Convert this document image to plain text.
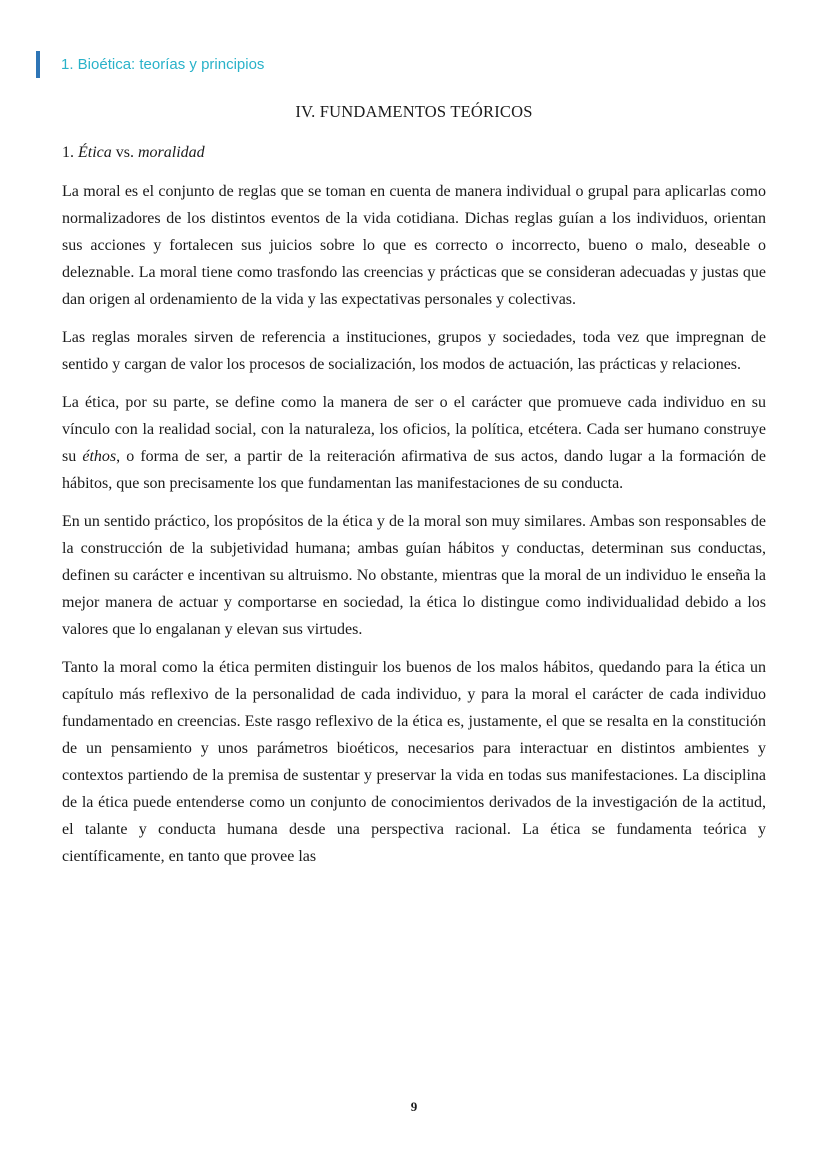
1. Bioética: teorías y principios
IV. FUNDAMENTOS TEÓRICOS
1. Ética vs. moralidad

La moral es el conjunto de reglas que se toman en cuenta de manera individual o grupal para aplicarlas como normalizadores de los distintos eventos de la vida cotidiana. Dichas reglas guían a los individuos, orientan sus acciones y fortalecen sus juicios sobre lo que es correcto o incorrecto, bueno o malo, deseable o deleznable. La moral tiene como trasfondo las creencias y prácticas que se consideran adecuadas y justas que dan origen al ordenamiento de la vida y las expectativas personales y colectivas.

Las reglas morales sirven de referencia a instituciones, grupos y sociedades, toda vez que impregnan de sentido y cargan de valor los procesos de socialización, los modos de actuación, las prácticas y relaciones.

La ética, por su parte, se define como la manera de ser o el carácter que promueve cada individuo en su vínculo con la realidad social, con la naturaleza, los oficios, la política, etcétera. Cada ser humano construye su éthos, o forma de ser, a partir de la reiteración afirmativa de sus actos, dando lugar a la formación de hábitos, que son precisamente los que fundamentan las manifestaciones de su conducta.

En un sentido práctico, los propósitos de la ética y de la moral son muy similares. Ambas son responsables de la construcción de la subjetividad humana; ambas guían hábitos y conductas, determinan sus conductas, definen su carácter e incentivan su altruismo. No obstante, mientras que la moral de un individuo le enseña la mejor manera de actuar y comportarse en sociedad, la ética lo distingue como individualidad debido a los valores que lo engalanan y elevan sus virtudes.

Tanto la moral como la ética permiten distinguir los buenos de los malos hábitos, quedando para la ética un capítulo más reflexivo de la personalidad de cada individuo, y para la moral el carácter de cada individuo fundamentado en creencias. Este rasgo reflexivo de la ética es, justamente, el que se resalta en la constitución de un pensamiento y unos parámetros bioéticos, necesarios para interactuar en distintos ambientes y contextos partiendo de la premisa de sustentar y preservar la vida en todas sus manifestaciones. La disciplina de la ética puede entenderse como un conjunto de conocimientos derivados de la investigación de la actitud, el talante y conducta humana desde una perspectiva racional. La ética se fundamenta teórica y científicamente, en tanto que provee las

9
